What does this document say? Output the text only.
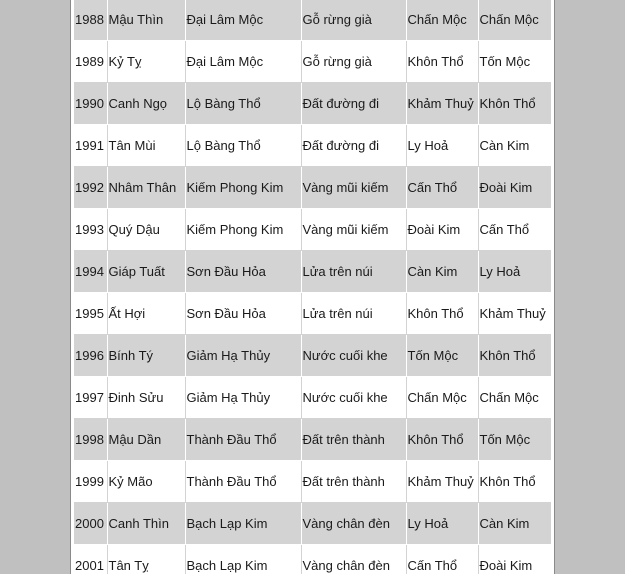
1988	Mậu Thìn	Đại Lâm Mộc	Gỗ rừng già	Chấn Mộc	Chấn Mộc
1989	Kỷ Tỵ	Đại Lâm Mộc	Gỗ rừng già	Khôn Thổ	Tốn Mộc
1990	Canh Ngọ	Lộ Bàng Thổ	Đất đường đi	Khảm Thuỷ	Khôn Thổ
1991	Tân Mùi	Lộ Bàng Thổ	Đất đường đi	Ly Hoả	Càn Kim
1992	Nhâm Thân	Kiếm Phong Kim	Vàng mũi kiếm	Cấn Thổ	Đoài Kim
1993	Quý Dậu	Kiếm Phong Kim	Vàng mũi kiếm	Đoài Kim	Cấn Thổ
1994	Giáp Tuất	Sơn Đầu Hỏa	Lửa trên núi	Càn Kim	Ly Hoả
1995	Ất Hợi	Sơn Đầu Hỏa	Lửa trên núi	Khôn Thổ	Khảm Thuỷ
1996	Bính Tý	Giảm Hạ Thủy	Nước cuối khe	Tốn Mộc	Khôn Thổ
1997	Đinh Sửu	Giảm Hạ Thủy	Nước cuối khe	Chấn Mộc	Chấn Mộc
1998	Mậu Dần	Thành Đầu Thổ	Đất trên thành	Khôn Thổ	Tốn Mộc
1999	Kỷ Mão	Thành Đầu Thổ	Đất trên thành	Khảm Thuỷ	Khôn Thổ
2000	Canh Thìn	Bạch Lạp Kim	Vàng chân đèn	Ly Hoả	Càn Kim
2001	Tân Tỵ	Bạch Lạp Kim	Vàng chân đèn	Cấn Thổ	Đoài Kim
